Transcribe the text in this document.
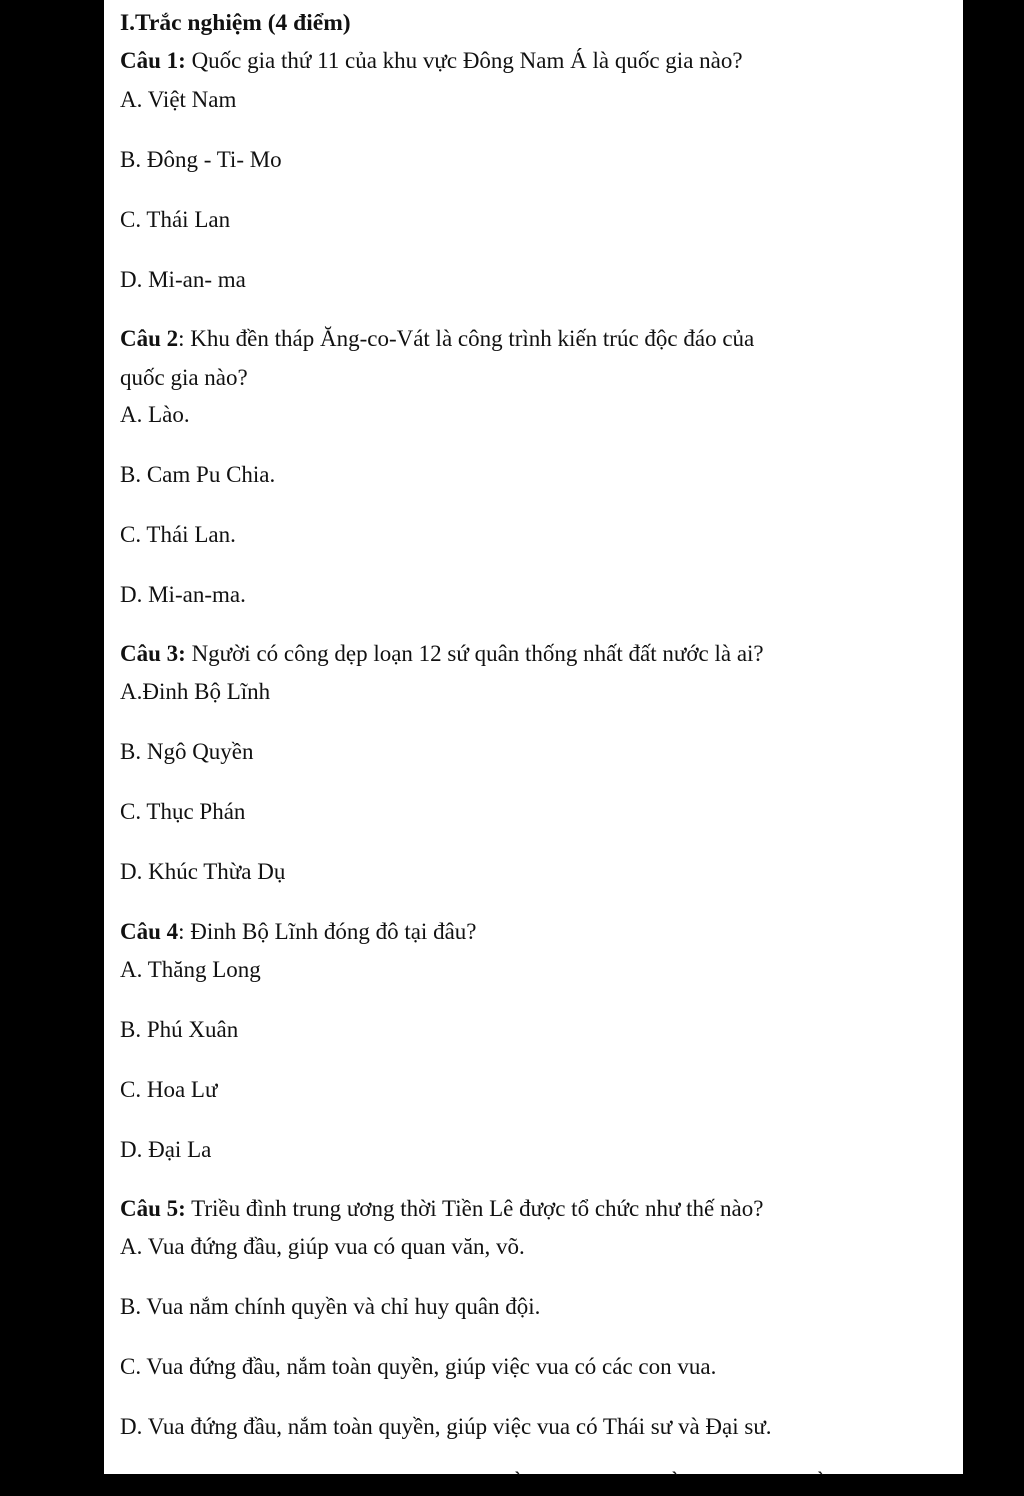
I.Trắc nghiệm (4 điểm)
Câu 1: Quốc gia thứ 11 của khu vực Đông Nam Á là quốc gia nào?
A. Việt Nam
B. Đông - Ti- Mo
C. Thái Lan
D. Mi-an- ma
Câu 2: Khu đền tháp Ăng-co-Vát là công trình kiến trúc độc đáo của
quốc gia nào?
A. Lào.
B. Cam Pu Chia.
C. Thái Lan.
D. Mi-an-ma.
Câu 3: Người có công dẹp loạn 12 sứ quân thống nhất đất nước là ai?
A.Đinh Bộ Lĩnh
B. Ngô Quyền
C. Thục Phán
D. Khúc Thừa Dụ
Câu 4: Đinh Bộ Lĩnh đóng đô tại đâu?
A. Thăng Long
B. Phú Xuân
C. Hoa Lư
D. Đại La
Câu 5: Triều đình trung ương thời Tiền Lê được tổ chức như thế nào?
A. Vua đứng đầu, giúp vua có quan văn, võ.
B. Vua nắm chính quyền và chỉ huy quân đội.
C. Vua đứng đầu, nắm toàn quyền, giúp việc vua có các con vua.
D. Vua đứng đầu, nắm toàn quyền, giúp việc vua có Thái sư và Đại sư.
`                          `                        `
